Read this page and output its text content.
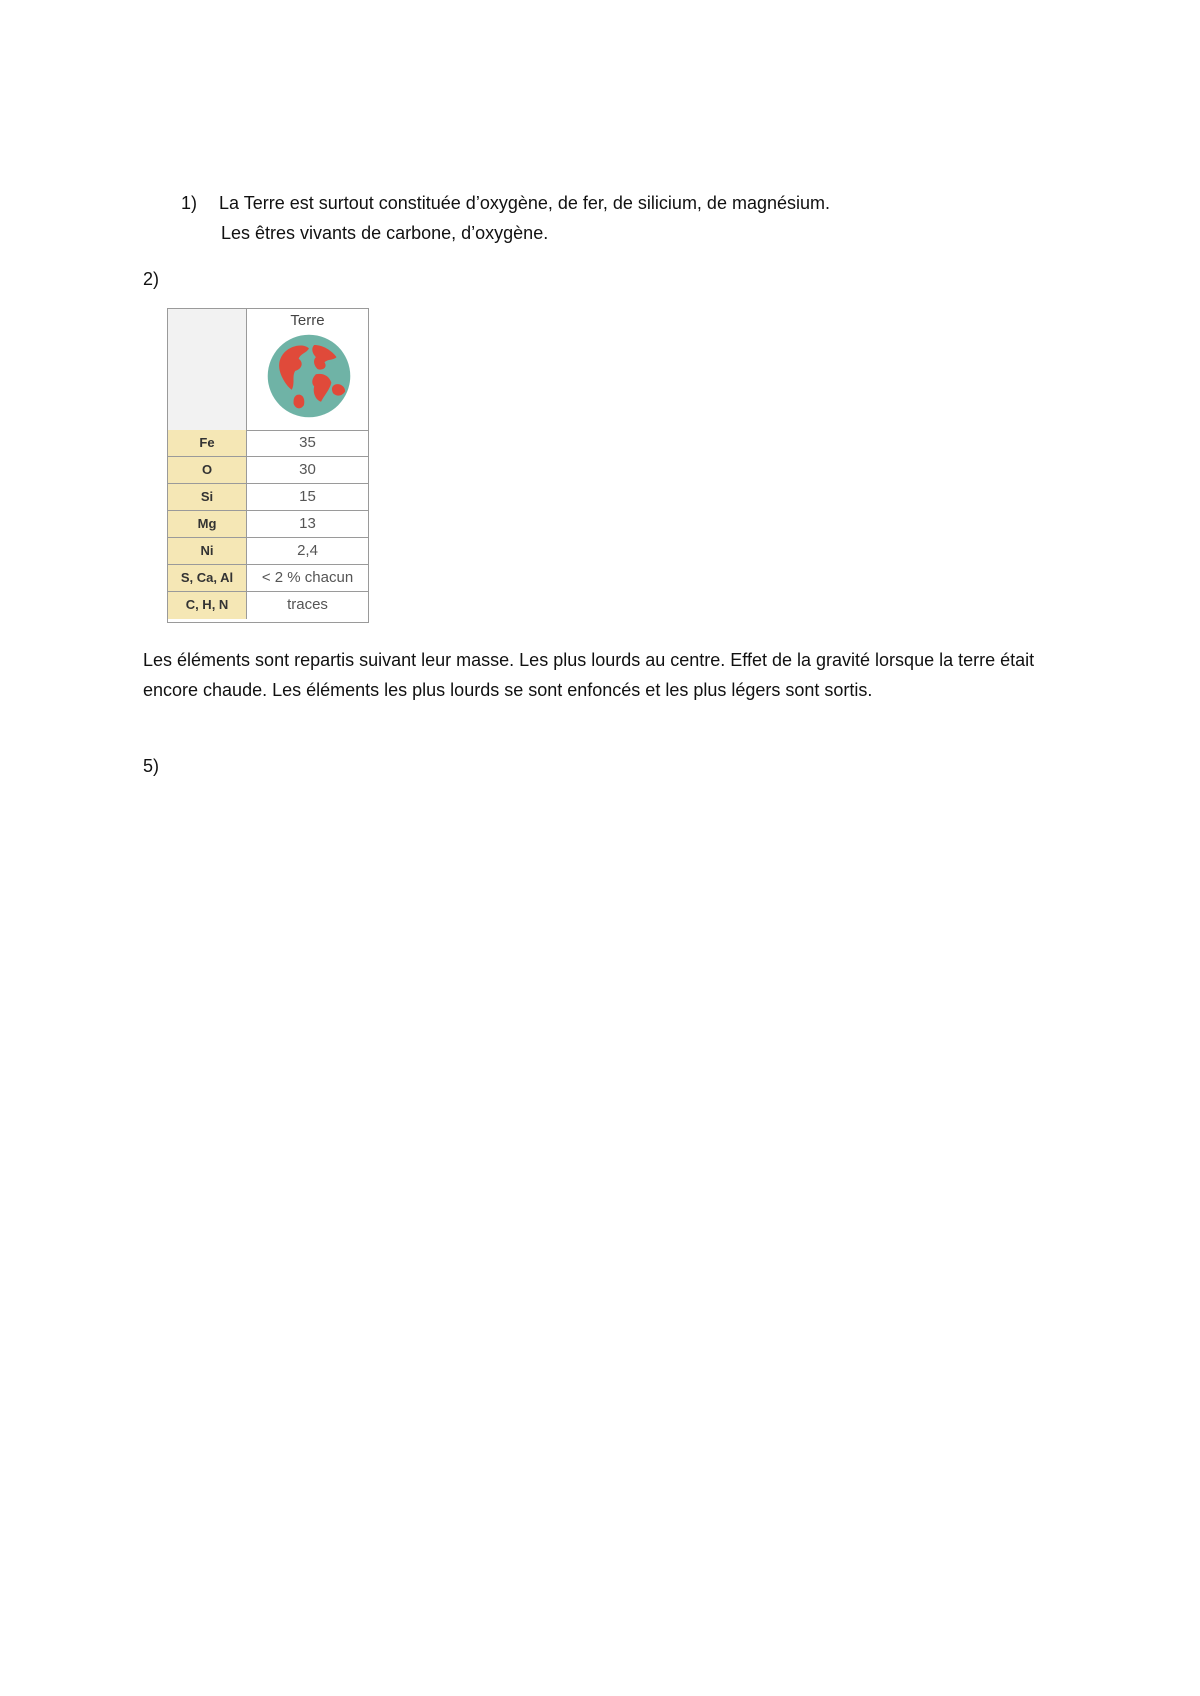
1) La Terre est surtout constituée d’oxygène, de fer, de silicium, de magnésium.
Les êtres vivants de carbone, d’oxygène.
2)
Terre
Fe	35
O	30
Si	15
Mg	13
Ni	2,4
S, Ca, Al	< 2 % chacun
C, H, N	traces
Les éléments sont repartis suivant leur masse. Les plus lourds au centre. Effet de la gravité lorsque la terre était encore chaude. Les éléments les plus lourds se sont enfoncés et les plus légers sont sortis.
5)
